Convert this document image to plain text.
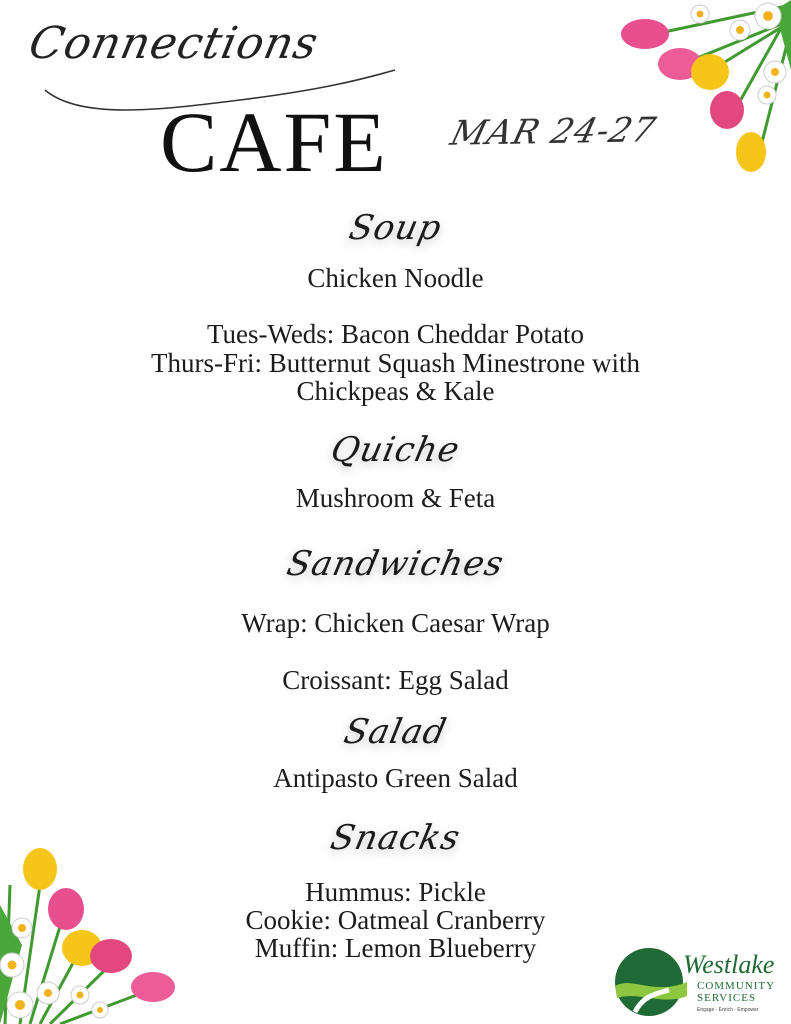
Connections
CAFE MAR 24-27
Soup
Chicken Noodle
Tues-Weds: Bacon Cheddar Potato
Thurs-Fri: Butternut Squash Minestrone with
Chickpeas & Kale
Quiche
Mushroom & Feta
Sandwiches
Wrap: Chicken Caesar Wrap
Croissant: Egg Salad
Salad
Antipasto Green Salad
Snacks
Hummus: Pickle
Cookie: Oatmeal Cranberry
Muffin: Lemon Blueberry
Westlake
COMMUNITY
SERVICES
Engage · Enrich · Empower
